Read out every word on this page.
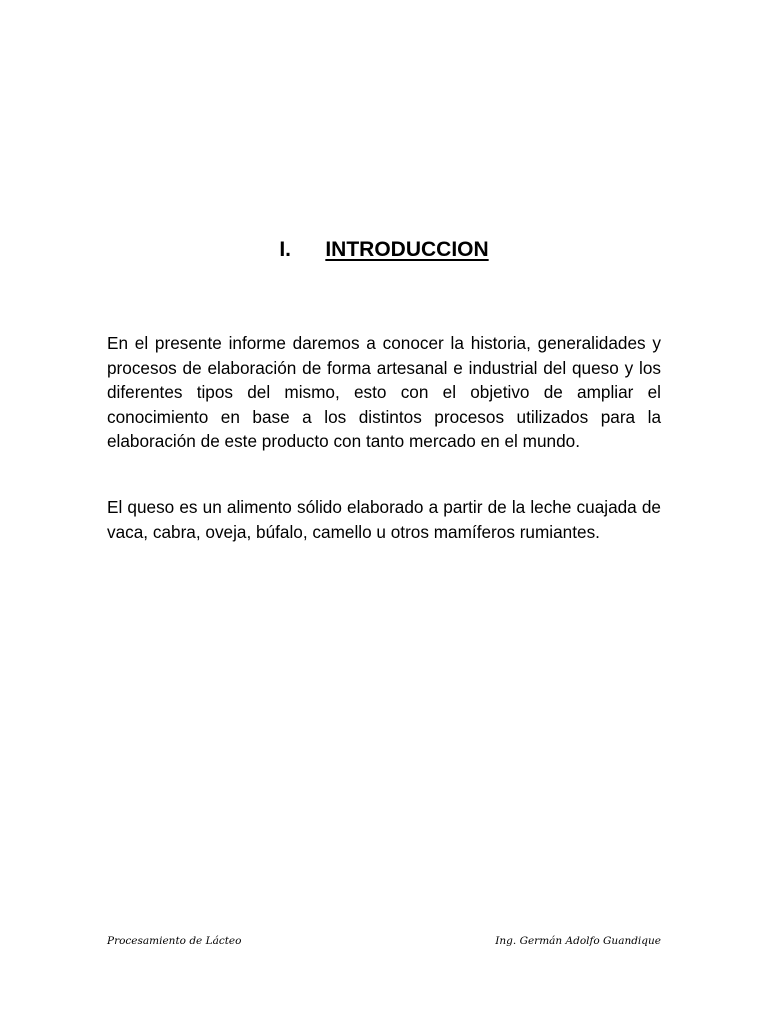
I. INTRODUCCION
En el presente informe daremos a conocer la historia, generalidades y procesos de elaboración de forma artesanal e industrial del queso y los diferentes tipos del mismo, esto con el objetivo de ampliar el conocimiento en base a los distintos procesos utilizados para la elaboración de este producto con tanto mercado en el mundo.
El queso es un alimento sólido elaborado a partir de la leche cuajada de vaca, cabra, oveja, búfalo, camello u otros mamíferos rumiantes.
Procesamiento de Lácteo	Ing. Germán Adolfo Guandique
